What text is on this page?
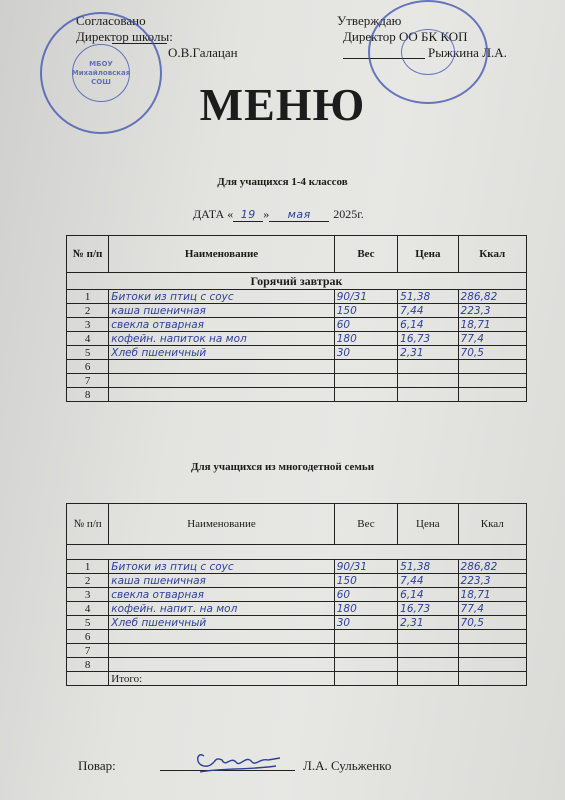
Согласовано
Директор школы:
О.В.Галацан
Утверждаю
Директор ОО БК КОП
Рыжкина Л.А.
МБОУ Михайловская СОШ	МЕНЮ
Для учащихся 1-4 классов
ДАТА « 19 » мая 2025г.
№ п/п	Наименование	Вес	Цена	Ккал
Горячий завтрак				
1	Битоки из птиц с соус	90/31	51,38	286,82
2	каша пшеничная	150	7,44	223,3
3	свекла отварная	60	6,14	18,71
4	кофейн. напиток на мол	180	16,73	77,4
5	Хлеб пшеничный	30	2,31	70,5
6				
7				
8				
Для учащихся из многодетной семьи
№ п/п	Наименование	Вес	Цена	Ккал

1	Битоки из птиц с соус	90/31	51,38	286,82
2	каша пшеничная	150	7,44	223,3
3	свекла отварная	60	6,14	18,71
4	кофейн. напит. на мол	180	16,73	77,4
5	Хлеб пшеничный	30	2,31	70,5
6				
7				
8				
	Итого:			
Повар:	Л.А. Сульженко
